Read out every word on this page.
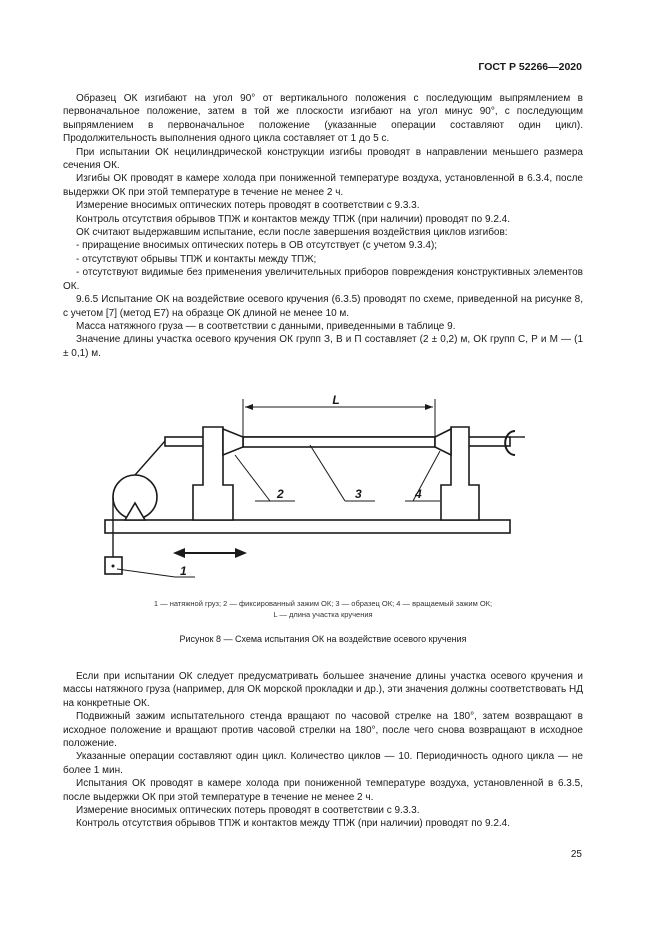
ГОСТ Р 52266—2020

Образец ОК изгибают на угол 90° от вертикального положения с последующим выпрямлением в первоначальное положение, затем в той же плоскости изгибают на угол минус 90°, с последующим выпрямлением в первоначальное положение (указанные операции составляют один цикл). Продолжительность выполнения одного цикла составляет от 1 до 5 с.

При испытании ОК нецилиндрической конструкции изгибы проводят в направлении меньшего размера сечения ОК.

Изгибы ОК проводят в камере холода при пониженной температуре воздуха, установленной в 6.3.4, после выдержки ОК при этой температуре в течение не менее 2 ч.

Измерение вносимых оптических потерь проводят в соответствии с 9.3.3.

Контроль отсутствия обрывов ТПЖ и контактов между ТПЖ (при наличии) проводят по 9.2.4.

ОК считают выдержавшим испытание, если после завершения воздействия циклов изгибов:

- приращение вносимых оптических потерь в ОВ отсутствует (с учетом 9.3.4);

- отсутствуют обрывы ТПЖ и контакты между ТПЖ;

- отсутствуют видимые без применения увеличительных приборов повреждения конструктивных элементов ОК.

9.6.5 Испытание ОК на воздействие осевого кручения (6.3.5) проводят по схеме, приведенной на рисунке 8, с учетом [7] (метод Е7) на образце ОК длиной не менее 10 м.

Масса натяжного груза — в соответствии с данными, приведенными в таблице 9.

Значение длины участка осевого кручения ОК групп З, В и П составляет (2 ± 0,2) м, ОК групп С, Р и М — (1 ± 0,1) м.

L
2	3	4
1
1 — натяжной груз; 2 — фиксированный зажим ОК; 3 — образец ОК; 4 — вращаемый зажим ОК;
L — длина участка кручения
Рисунок 8 — Схема испытания ОК на воздействие осевого кручения

Если при испытании ОК следует предусматривать большее значение длины участка осевого кручения и массы натяжного груза (например, для ОК морской прокладки и др.), эти значения должны соответствовать НД на конкретные ОК.

Подвижный зажим испытательного стенда вращают по часовой стрелке на 180°, затем возвращают в исходное положение и вращают против часовой стрелки на 180°, после чего снова возвращают в исходное положение.

Указанные операции составляют один цикл. Количество циклов — 10. Периодичность одного цикла — не более 1 мин.

Испытания ОК проводят в камере холода при пониженной температуре воздуха, установленной в 6.3.5, после выдержки ОК при этой температуре в течение не менее 2 ч.

Измерение вносимых оптических потерь проводят в соответствии с 9.3.3.

Контроль отсутствия обрывов ТПЖ и контактов между ТПЖ (при наличии) проводят по 9.2.4.

25
